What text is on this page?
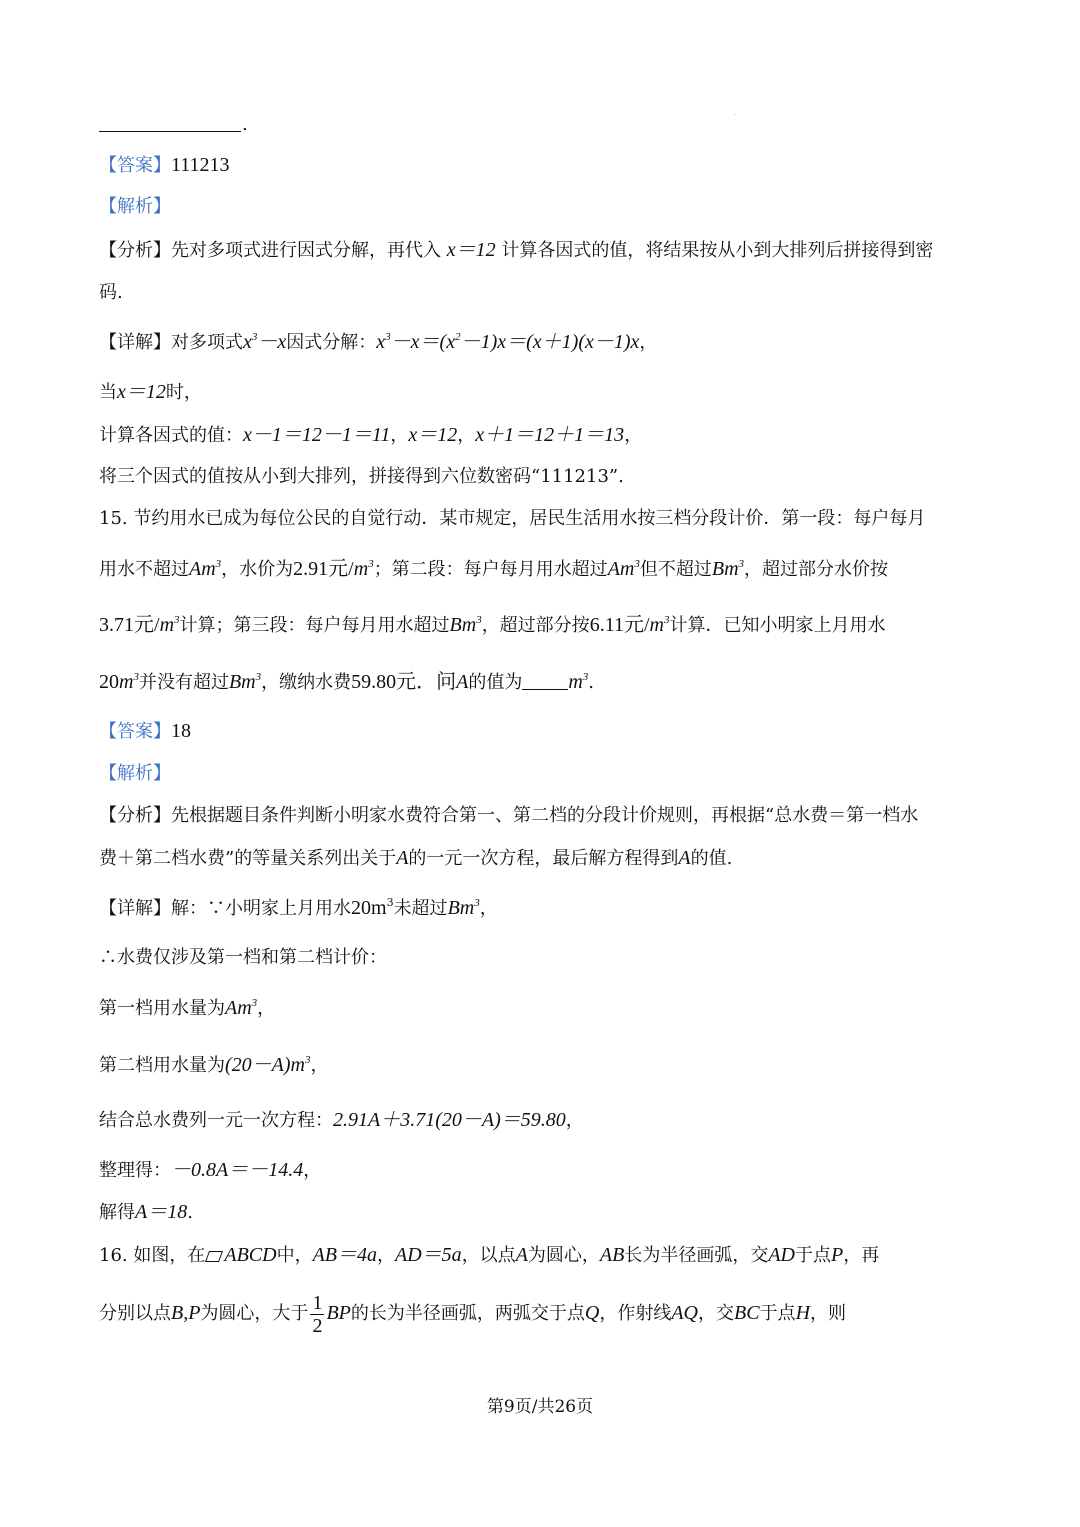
.
.
【答案】111213
【解析】
【分析】先对多项式进行因式分解，再代入 x＝12 计算各因式的值，将结果按从小到大排列后拼接得到密
码.
【详解】对多项式$x^3-x$因式分解：$x^3-x=(x^2-1)x=(x+1)(x-1)x$，
当x＝12时，
计算各因式的值：x－1＝12－1＝11，x＝12，x＋1＝12＋1＝13，
将三个因式的值按从小到大排列，拼接得到六位数密码“111213”.
15. 节约用水已成为每位公民的自觉行动．某市规定，居民生活用水按三档分段计价．第一段：每户每月
用水不超过Am$^3$，水价为2.91元$/m^3$；第二段：每户每月用水超过Am$^3$但不超过Bm$^3$，超过部分水价按
3.71元$/m^3$计算；第三段：每户每月用水超过Bm$^3$，超过部分按6.11元$/m^3$计算．已知小明家上月用水
$20m^3$并没有超过Bm$^3$，缴纳水费59.80元．问A的值为 $m^3$.
【答案】18
【解析】
【分析】先根据题目条件判断小明家水费符合第一、第二档的分段计价规则，再根据“总水费＝第一档水
费＋第二档水费”的等量关系列出关于A的一元一次方程，最后解方程得到A的值.
【详解】解：∵小明家上月用水$20m^3$未超过Bm$^3$，
∴水费仅涉及第一档和第二档计价：
第一档用水量为Am$^3$，
第二档用水量为$(20-A)m^3$，
结合总水费列一元一次方程：2.91A＋3.71(20－A)＝59.80，
整理得：－0.8A＝－14.4，
解得A＝18.
16. 如图，在 ABCD中，AB＝4a，AD＝5a，以点A为圆心，AB长为半径画弧，交AD于点P，再
分别以点B,P为圆心，大于 $\frac{1}{2}$ BP的长为半径画弧，两弧交于点Q，作射线AQ，交BC于点H，则
第9页/共26页
